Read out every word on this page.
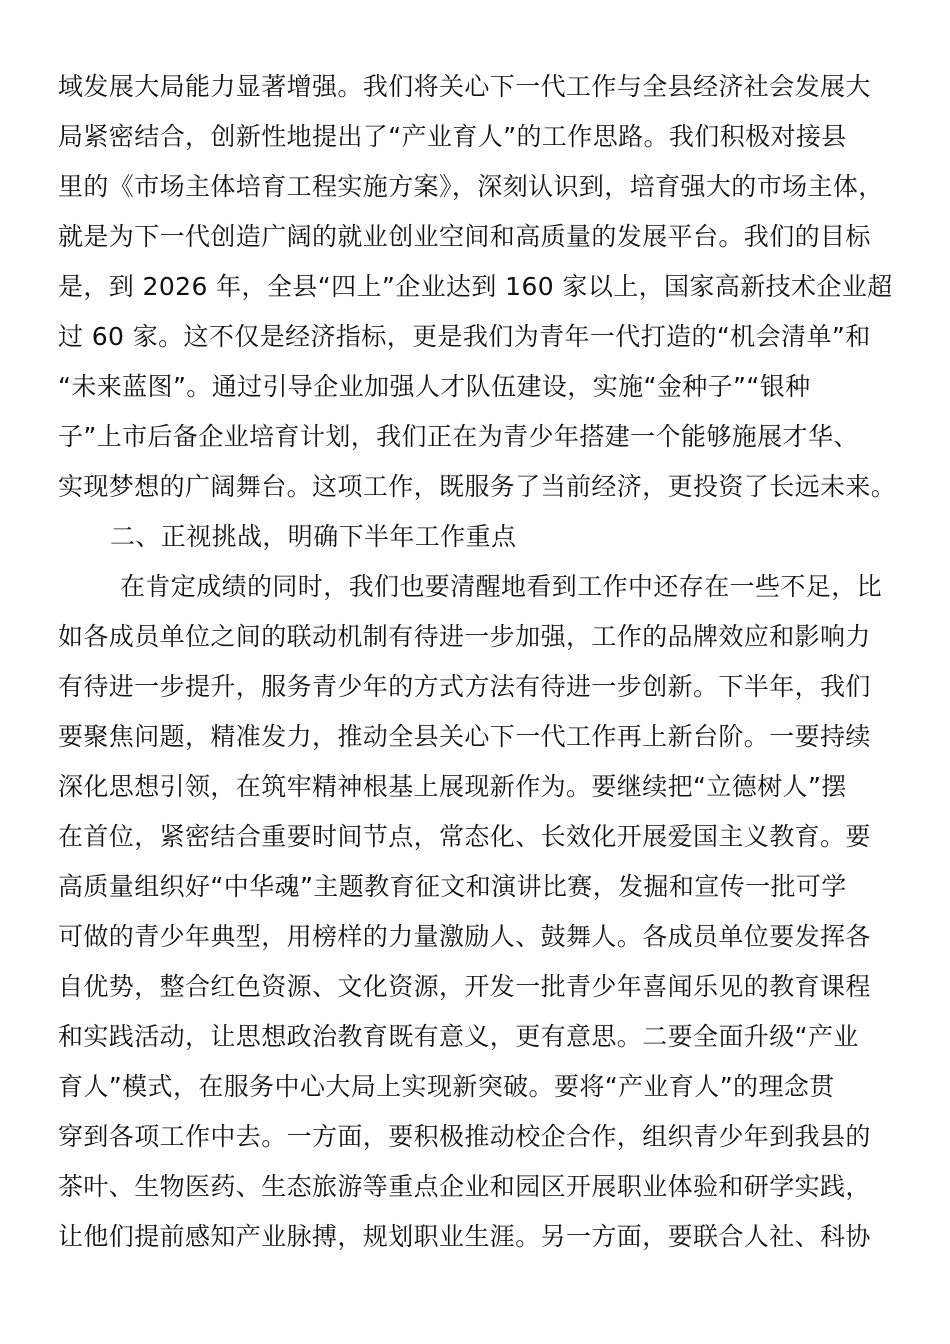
域发展大局能力显著增强。我们将关心下一代工作与全县经济社会发展大
局紧密结合，创新性地提出了“产业育人”的工作思路。我们积极对接县
里的《市场主体培育工程实施方案》，深刻认识到，培育强大的市场主体，
就是为下一代创造广阔的就业创业空间和高质量的发展平台。我们的目标
是，到 2026 年，全县“四上”企业达到 160 家以上，国家高新技术企业超
过 60 家。这不仅是经济指标，更是我们为青年一代打造的“机会清单”和
“未来蓝图”。通过引导企业加强人才队伍建设，实施“金种子”“银种
子”上市后备企业培育计划，我们正在为青少年搭建一个能够施展才华、
实现梦想的广阔舞台。这项工作，既服务了当前经济，更投资了长远未来。
二、正视挑战，明确下半年工作重点
在肯定成绩的同时，我们也要清醒地看到工作中还存在一些不足，比
如各成员单位之间的联动机制有待进一步加强，工作的品牌效应和影响力
有待进一步提升，服务青少年的方式方法有待进一步创新。下半年，我们
要聚焦问题，精准发力，推动全县关心下一代工作再上新台阶。一要持续
深化思想引领，在筑牢精神根基上展现新作为。要继续把“立德树人”摆
在首位，紧密结合重要时间节点，常态化、长效化开展爱国主义教育。要
高质量组织好“中华魂”主题教育征文和演讲比赛，发掘和宣传一批可学
可做的青少年典型，用榜样的力量激励人、鼓舞人。各成员单位要发挥各
自优势，整合红色资源、文化资源，开发一批青少年喜闻乐见的教育课程
和实践活动，让思想政治教育既有意义，更有意思。二要全面升级“产业
育人”模式，在服务中心大局上实现新突破。要将“产业育人”的理念贯
穿到各项工作中去。一方面，要积极推动校企合作，组织青少年到我县的
茶叶、生物医药、生态旅游等重点企业和园区开展职业体验和研学实践，
让他们提前感知产业脉搏，规划职业生涯。另一方面，要联合人社、科协
